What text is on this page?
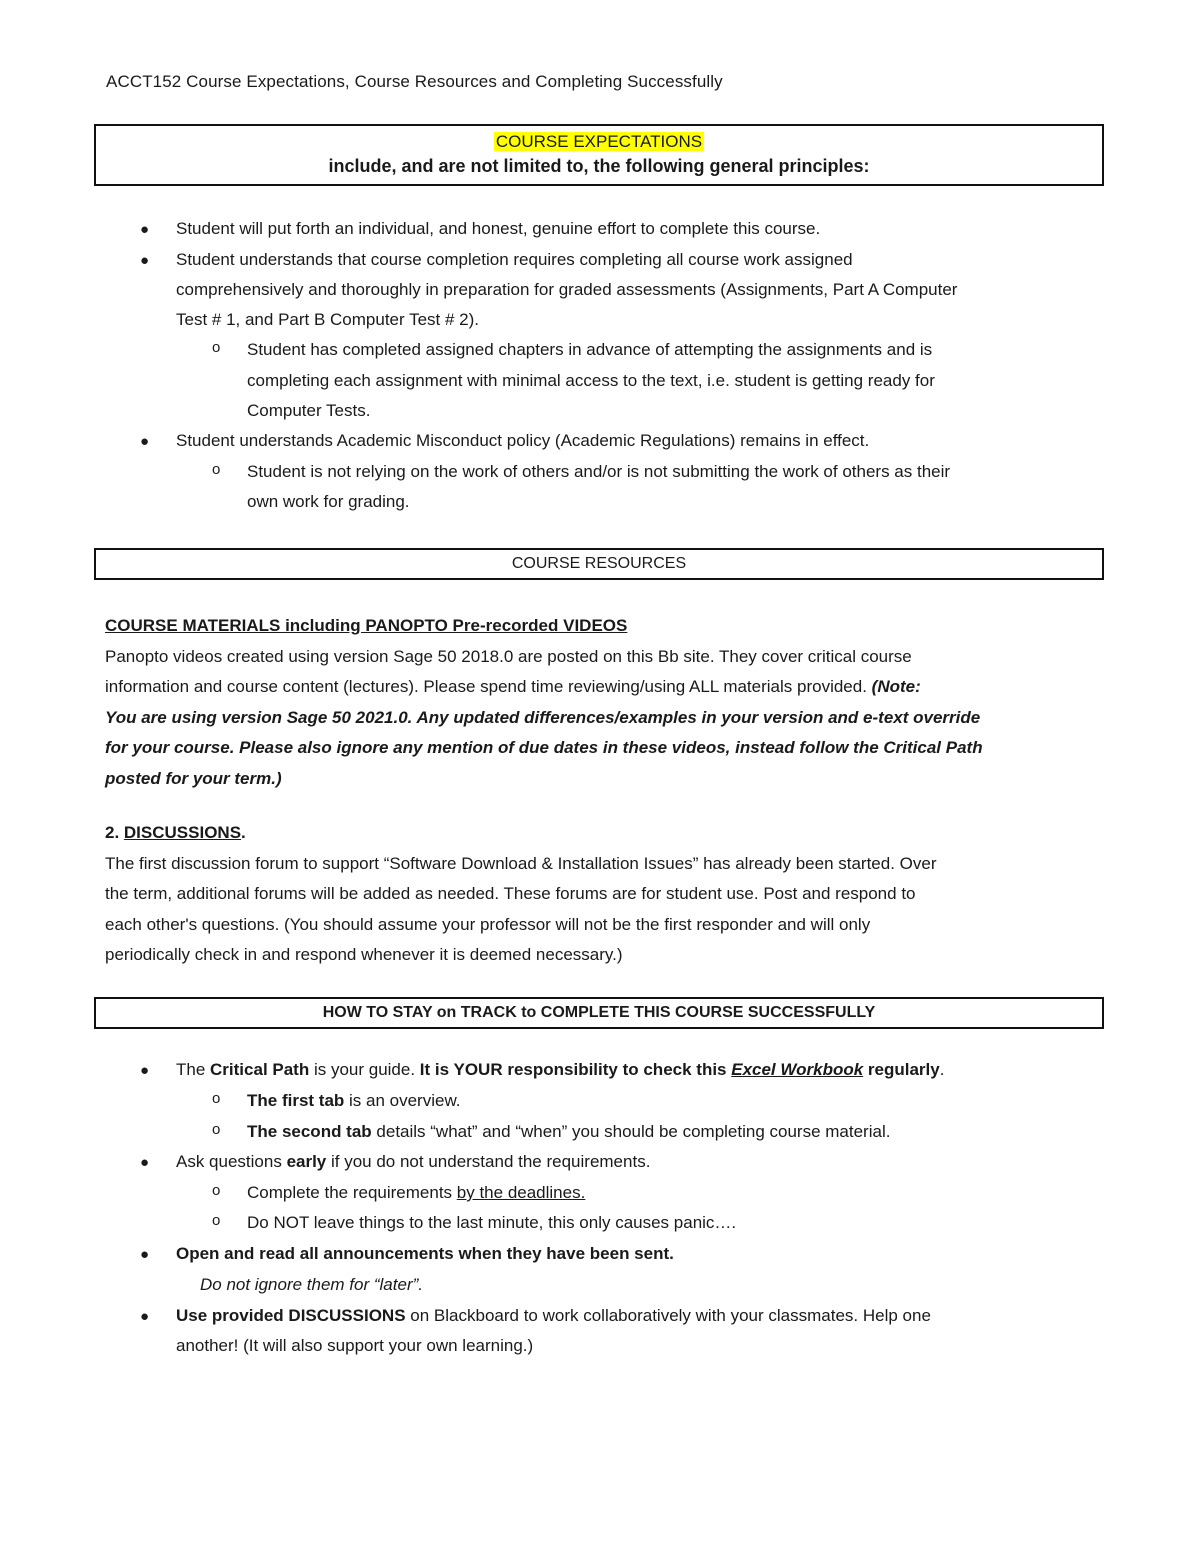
ACCT152 Course Expectations, Course Resources and Completing Successfully
COURSE EXPECTATIONS
include, and are not limited to, the following general principles:
● Student will put forth an individual, and honest, genuine effort to complete this course.
● Student understands that course completion requires completing all course work assigned
comprehensively and thoroughly in preparation for graded assessments (Assignments, Part A Computer
Test # 1, and Part B Computer Test # 2).
o Student has completed assigned chapters in advance of attempting the assignments and is
completing each assignment with minimal access to the text, i.e. student is getting ready for
Computer Tests.
● Student understands Academic Misconduct policy (Academic Regulations) remains in effect.
o Student is not relying on the work of others and/or is not submitting the work of others as their
own work for grading.
COURSE RESOURCES
COURSE MATERIALS including PANOPTO Pre-recorded VIDEOS
Panopto videos created using version Sage 50 2018.0 are posted on this Bb site. They cover critical course
information and course content (lectures). Please spend time reviewing/using ALL materials provided. (Note:
You are using version Sage 50 2021.0. Any updated differences/examples in your version and e-text override
for your course. Please also ignore any mention of due dates in these videos, instead follow the Critical Path
posted for your term.)
2. DISCUSSIONS.
The first discussion forum to support “Software Download & Installation Issues” has already been started. Over
the term, additional forums will be added as needed. These forums are for student use. Post and respond to
each other's questions. (You should assume your professor will not be the first responder and will only
periodically check in and respond whenever it is deemed necessary.)
HOW TO STAY on TRACK to COMPLETE THIS COURSE SUCCESSFULLY
● The Critical Path is your guide. It is YOUR responsibility to check this Excel Workbook regularly.
o The first tab is an overview.
o The second tab details “what” and “when” you should be completing course material.
● Ask questions early if you do not understand the requirements.
o Complete the requirements by the deadlines.
o Do NOT leave things to the last minute, this only causes panic….
● Open and read all announcements when they have been sent.
Do not ignore them for “later”.
● Use provided DISCUSSIONS on Blackboard to work collaboratively with your classmates. Help one
another! (It will also support your own learning.)
